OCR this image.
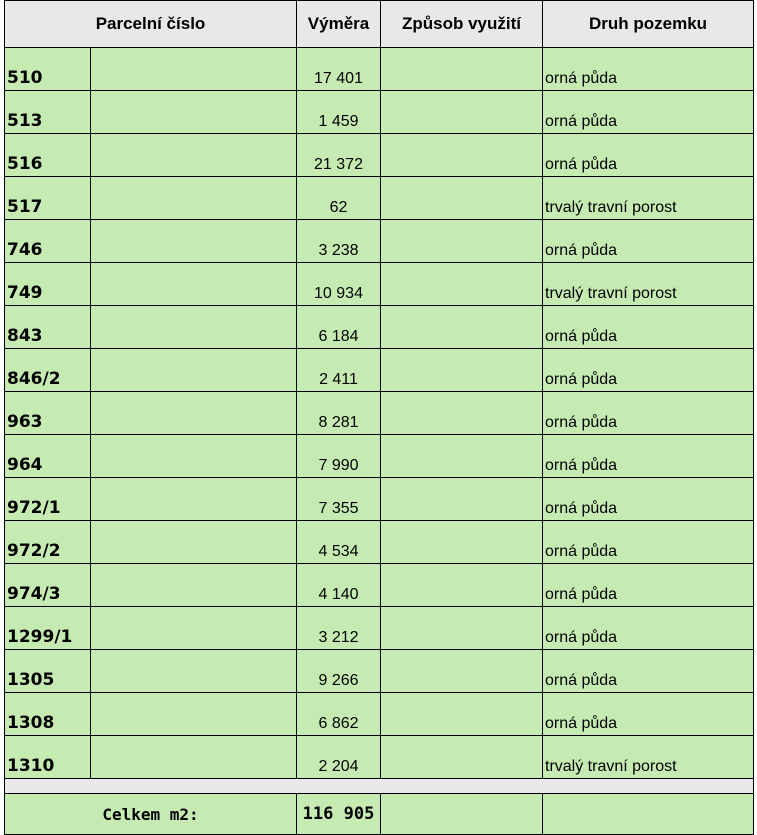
Parcelní číslo		Výměra	Způsob využití	Druh pozemku
510		17 401		orná půda
513		1 459		orná půda
516		21 372		orná půda
517		62		trvalý travní porost
746		3 238		orná půda
749		10 934		trvalý travní porost
843		6 184		orná půda
846/2		2 411		orná půda
963		8 281		orná půda
964		7 990		orná půda
972/1		7 355		orná půda
972/2		4 534		orná půda
974/3		4 140		orná půda
1299/1		3 212		orná půda
1305		9 266		orná půda
1308		6 862		orná půda
1310		2 204		trvalý travní porost

Celkem m2:		116 905		
